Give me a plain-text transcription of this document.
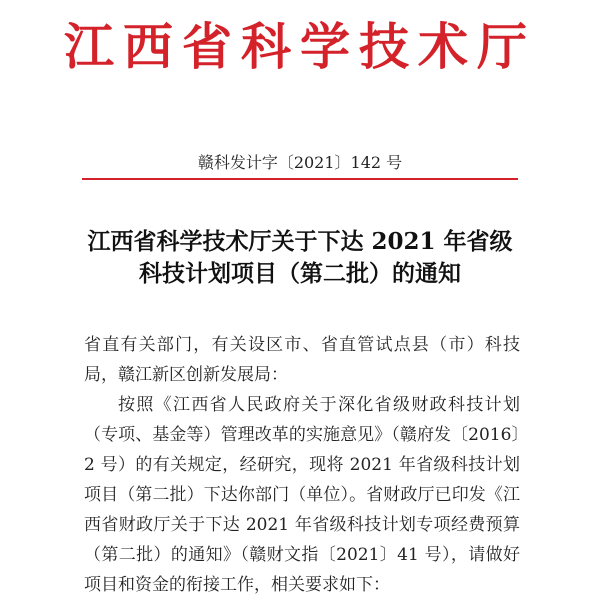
江西省科学技术厅
赣科发计字〔2021〕142 号
江西省科学技术厅关于下达 2021 年省级
科技计划项目（第二批）的通知

省直有关部门，有关设区市、省直管试点县（市）科技局，赣江新区创新发展局：

按照《江西省人民政府关于深化省级财政科技计划（专项、基金等）管理改革的实施意见》（赣府发〔2016〕2 号）的有关规定，经研究，现将 2021 年省级科技计划项目（第二批）下达你部门（单位）。省财政厅已印发《江西省财政厅关于下达 2021 年省级科技计划专项经费预算（第二批）的通知》（赣财文指〔2021〕41 号），请做好项目和资金的衔接工作，相关要求如下：
